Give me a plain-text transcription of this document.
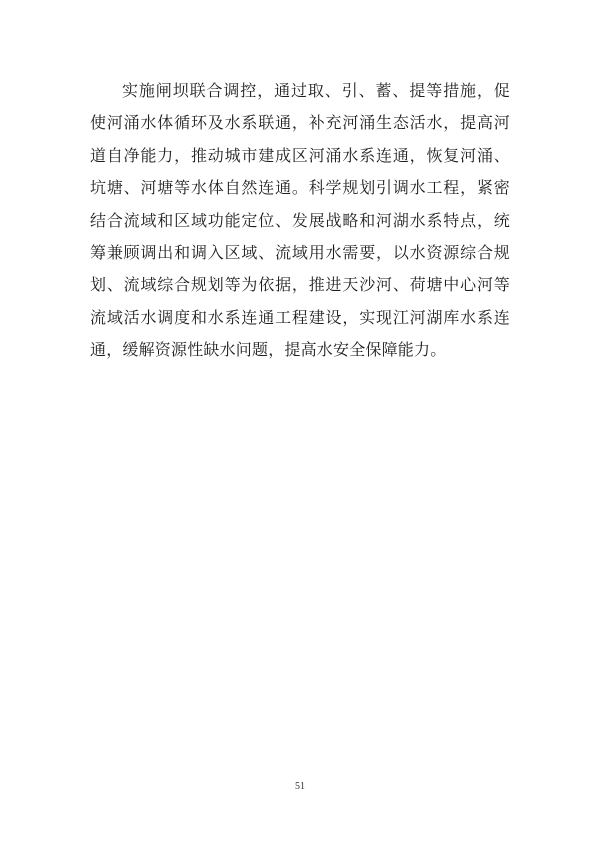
实施闸坝联合调控，通过取、引、蓄、提等措施，促使河涌水体循环及水系联通，补充河涌生态活水，提高河道自净能力，推动城市建成区河涌水系连通，恢复河涌、坑塘、河塘等水体自然连通。科学规划引调水工程，紧密结合流域和区域功能定位、发展战略和河湖水系特点，统筹兼顾调出和调入区域、流域用水需要，以水资源综合规划、流域综合规划等为依据，推进天沙河、荷塘中心河等流域活水调度和水系连通工程建设，实现江河湖库水系连通，缓解资源性缺水问题，提高水安全保障能力。

51
